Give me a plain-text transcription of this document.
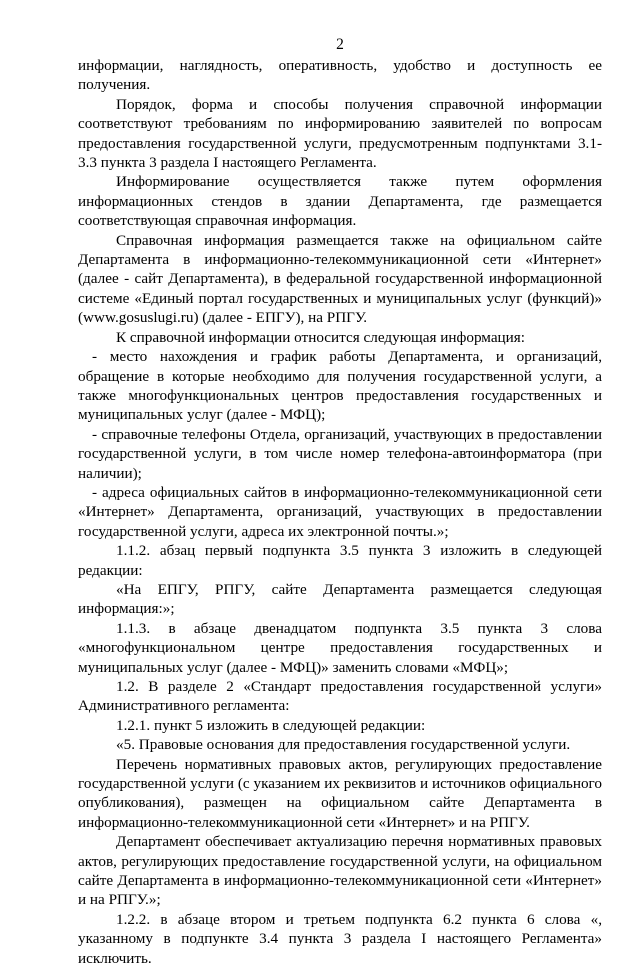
2

информации, наглядность, оперативность, удобство и доступность ее получения.

Порядок, форма и способы получения справочной информации соответствуют требованиям по информированию заявителей по вопросам предоставления государственной услуги, предусмотренным подпунктами 3.1-3.3 пункта 3 раздела I настоящего Регламента.

Информирование осуществляется также путем оформления информационных стендов в здании Департамента, где размещается соответствующая справочная информация.

Справочная информация размещается также на официальном сайте Департамента в информационно-телекоммуникационной сети «Интернет» (далее - сайт Департамента), в федеральной государственной информационной системе «Единый портал государственных и муниципальных услуг (функций)» (www.gosuslugi.ru) (далее - ЕПГУ), на РПГУ.

К справочной информации относится следующая информация:

- место нахождения и график работы Департамента, и организаций, обращение в которые необходимо для получения государственной услуги, а также многофункциональных центров предоставления государственных и муниципальных услуг (далее - МФЦ);

- справочные телефоны Отдела, организаций, участвующих в предоставлении государственной услуги, в том числе номер телефона-автоинформатора (при наличии);

- адреса официальных сайтов в информационно-телекоммуникационной сети «Интернет» Департамента, организаций, участвующих в предоставлении государственной услуги, адреса их электронной почты.»;

1.1.2. абзац первый подпункта 3.5 пункта 3 изложить в следующей редакции:

«На ЕПГУ, РПГУ, сайте Департамента размещается следующая информация:»;

1.1.3. в абзаце двенадцатом подпункта 3.5 пункта 3 слова «многофункциональном центре предоставления государственных и муниципальных услуг (далее - МФЦ)» заменить словами «МФЦ»;

1.2. В разделе 2 «Стандарт предоставления государственной услуги» Административного регламента:

1.2.1. пункт 5 изложить в следующей редакции:

«5. Правовые основания для предоставления государственной услуги.

Перечень нормативных правовых актов, регулирующих предоставление государственной услуги (с указанием их реквизитов и источников официального опубликования), размещен на официальном сайте Департамента в информационно-телекоммуникационной сети «Интернет» и на РПГУ.

Департамент обеспечивает актуализацию перечня нормативных правовых актов, регулирующих предоставление государственной услуги, на официальном сайте Департамента в информационно-телекоммуникационной сети «Интернет» и на РПГУ.»;

1.2.2. в абзаце втором и третьем подпункта 6.2 пункта 6 слова «, указанному в подпункте 3.4 пункта 3 раздела I настоящего Регламента» исключить.
